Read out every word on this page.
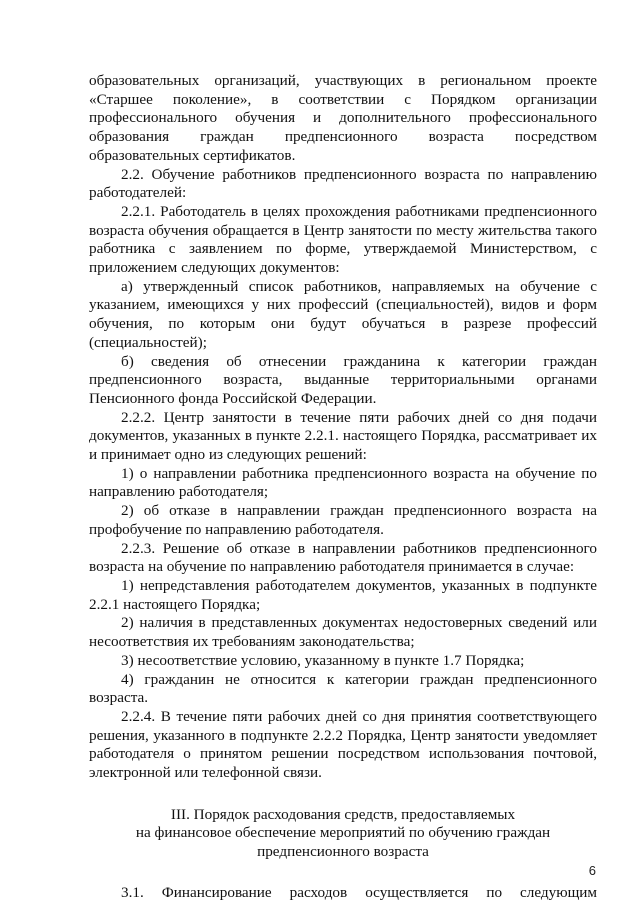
образовательных организаций, участвующих в региональном проекте «Старшее поколение», в соответствии с Порядком организации профессионального обучения и дополнительного профессионального образования граждан предпенсионного возраста посредством образовательных сертификатов.

2.2. Обучение работников предпенсионного возраста по направлению работодателей:

2.2.1. Работодатель в целях прохождения работниками предпенсионного возраста обучения обращается в Центр занятости по месту жительства такого работника с заявлением по форме, утверждаемой Министерством, с приложением следующих документов:

а) утвержденный список работников, направляемых на обучение с указанием, имеющихся у них профессий (специальностей), видов и форм обучения, по которым они будут обучаться в разрезе профессий (специальностей);

б) сведения об отнесении гражданина к категории граждан предпенсионного возраста, выданные территориальными органами Пенсионного фонда Российской Федерации.

2.2.2. Центр занятости в течение пяти рабочих дней со дня подачи документов, указанных в пункте 2.2.1. настоящего Порядка, рассматривает их и принимает одно из следующих решений:

1) о направлении работника предпенсионного возраста на обучение по направлению работодателя;

2) об отказе в направлении граждан предпенсионного возраста на профобучение по направлению работодателя.

2.2.3. Решение об отказе в направлении работников предпенсионного возраста на обучение по направлению работодателя принимается в случае:

1) непредставления работодателем документов, указанных в подпункте 2.2.1 настоящего Порядка;

2) наличия в представленных документах недостоверных сведений или несоответствия их требованиям законодательства;

3) несоответствие условию, указанному в пункте 1.7 Порядка;

4) гражданин не относится к категории граждан предпенсионного возраста.

2.2.4. В течение пяти рабочих дней со дня принятия соответствующего решения, указанного в подпункте 2.2.2 Порядка, Центр занятости уведомляет работодателя о принятом решении посредством использования почтовой, электронной или телефонной связи.

III. Порядок расходования средств, предоставляемых
на финансовое обеспечение мероприятий по обучению граждан
предпенсионного возраста

3.1. Финансирование расходов осуществляется по следующим

6
